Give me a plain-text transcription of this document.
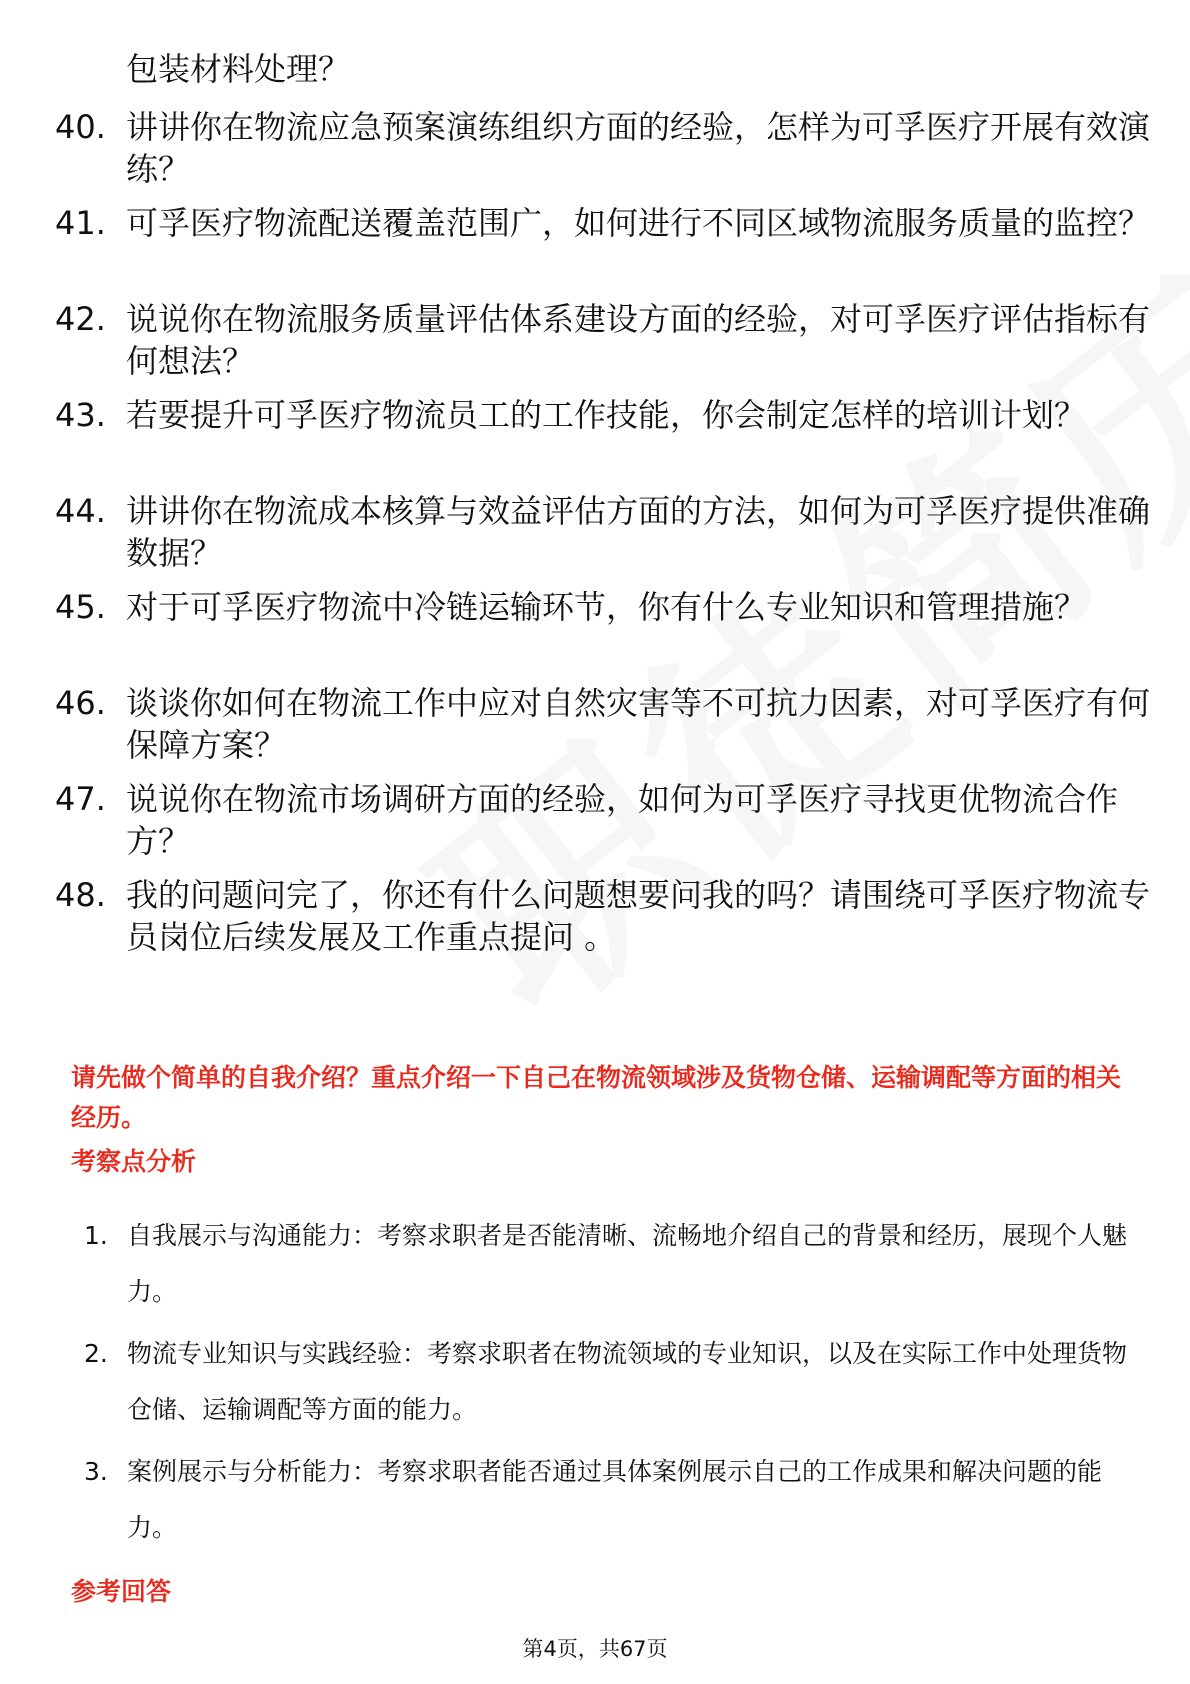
包装材料处理？
40. 讲讲你在物流应急预案演练组织方面的经验，怎样为可孚医疗开展有效演练？
41. 可孚医疗物流配送覆盖范围广，如何进行不同区域物流服务质量的监控？
42. 说说你在物流服务质量评估体系建设方面的经验，对可孚医疗评估指标有何想法？
43. 若要提升可孚医疗物流员工的工作技能，你会制定怎样的培训计划？
44. 讲讲你在物流成本核算与效益评估方面的方法，如何为可孚医疗提供准确数据？
45. 对于可孚医疗物流中冷链运输环节，你有什么专业知识和管理措施？
46. 谈谈你如何在物流工作中应对自然灾害等不可抗力因素，对可孚医疗有何保障方案？
47. 说说你在物流市场调研方面的经验，如何为可孚医疗寻找更优物流合作方？
48. 我的问题问完了，你还有什么问题想要问我的吗？请围绕可孚医疗物流专员岗位后续发展及工作重点提问 。
请先做个简单的自我介绍？重点介绍一下自己在物流领域涉及货物仓储、运输调配等方面的相关经历。
考察点分析
1. 自我展示与沟通能力：考察求职者是否能清晰、流畅地介绍自己的背景和经历，展现个人魅力。
2. 物流专业知识与实践经验：考察求职者在物流领域的专业知识，以及在实际工作中处理货物仓储、运输调配等方面的能力。
3. 案例展示与分析能力：考察求职者能否通过具体案例展示自己的工作成果和解决问题的能力。
参考回答
第4页，共67页
